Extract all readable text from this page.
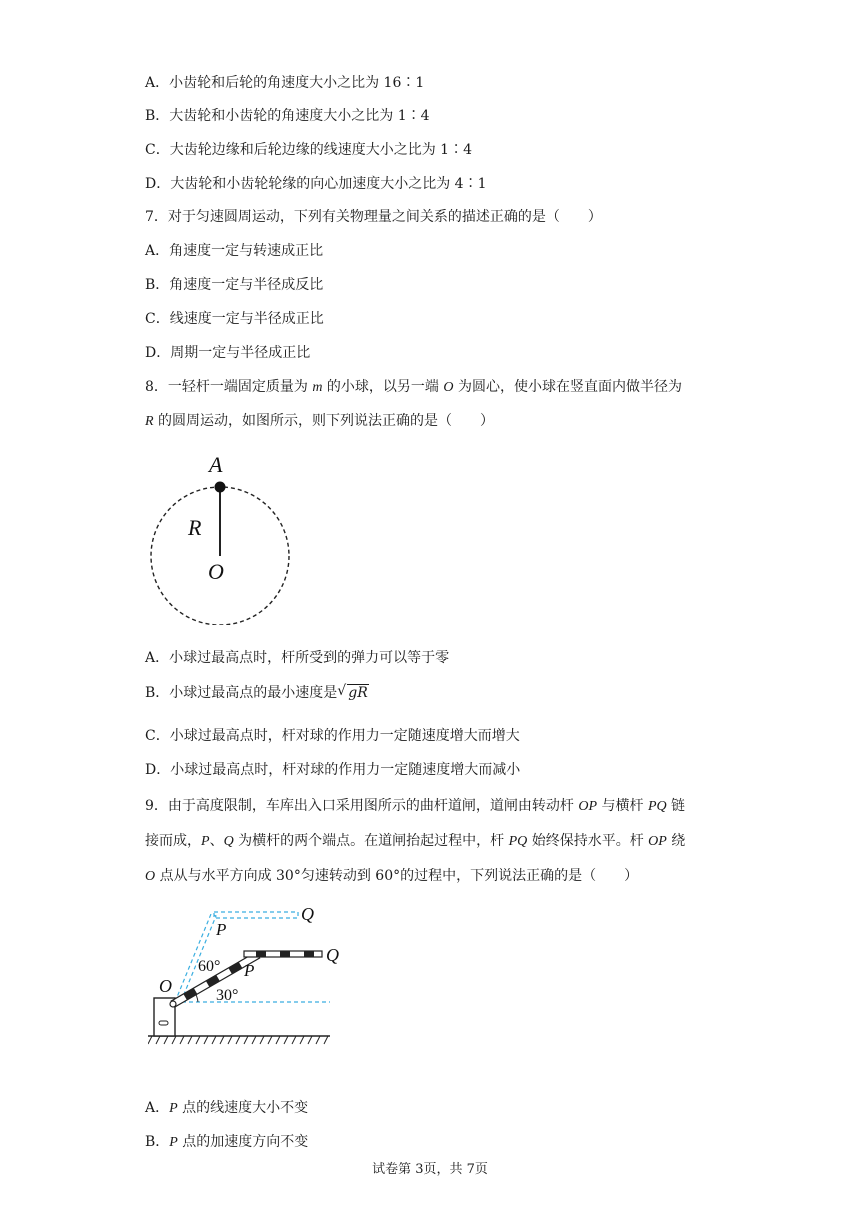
A．小齿轮和后轮的角速度大小之比为 16∶1
B．大齿轮和小齿轮的角速度大小之比为 1∶4
C．大齿轮边缘和后轮边缘的线速度大小之比为 1∶4
D．大齿轮和小齿轮轮缘的向心加速度大小之比为 4∶1
7．对于匀速圆周运动，下列有关物理量之间关系的描述正确的是（　　）
A．角速度一定与转速成正比
B．角速度一定与半径成反比
C．线速度一定与半径成正比
D．周期一定与半径成正比
8．一轻杆一端固定质量为 m 的小球，以另一端 O 为圆心，使小球在竖直面内做半径为
R 的圆周运动，如图所示，则下列说法正确的是（　　）
A
R
O
A．小球过最高点时，杆所受到的弹力可以等于零
B．小球过最高点的最小速度是 √ gR
C．小球过最高点时，杆对球的作用力一定随速度增大而增大
D．小球过最高点时，杆对球的作用力一定随速度增大而减小
9．由于高度限制，车库出入口采用图所示的曲杆道闸，道闸由转动杆 OP 与横杆 PQ 链
接而成，P、Q 为横杆的两个端点。在道闸抬起过程中，杆 PQ 始终保持水平。杆 OP 绕
O 点从与水平方向成 30°匀速转动到 60°的过程中，下列说法正确的是（　　）
Q
P
60° P
Q
O	30°
A．P 点的线速度大小不变
B．P 点的加速度方向不变
试卷第 3页，共 7页
